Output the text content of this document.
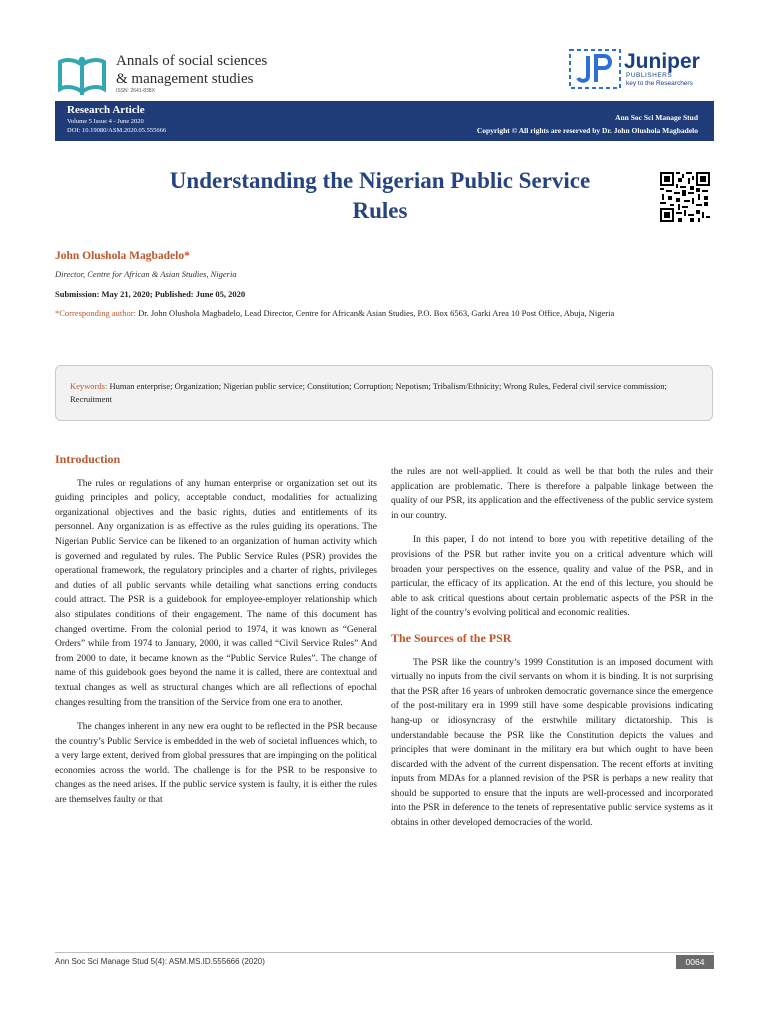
Annals of social sciences
& management studies
ISSN: 2641-838X
Juniper
PUBLISHERS
key to the Researchers
Research Article
Volume 5 Issue 4 - June 2020
DOI: 10.19080/ASM.2020.05.555666
Ann Soc Sci Manage Stud
Copyright © All rights are reserved by Dr. John Olushola Magbadelo
Understanding the Nigerian Public Service Rules
John Olushola Magbadelo*
Director, Centre for African & Asian Studies, Nigeria
Submission: May 21, 2020; Published: June 05, 2020
*Corresponding author: Dr. John Olushola Magbadelo, Lead Director, Centre for African& Asian Studies, P.O. Box 6563, Garki Area 10 Post Office, Abuja, Nigeria
Keywords: Human enterprise; Organization; Nigerian public service; Constitution; Corruption; Nepotism; Tribalism/Ethnicity; Wrong Rules, Federal civil service commission; Recruitment
Introduction

The rules or regulations of any human enterprise or organization set out its guiding principles and policy, acceptable conduct, modalities for actualizing organizational objectives and the basic rights, duties and entitlements of its personnel. Any organization is as effective as the rules guiding its operations. The Nigerian Public Service can be likened to an organization of human activity which is governed and regulated by rules. The Public Service Rules (PSR) provides the operational framework, the regulatory principles and a charter of rights, privileges and duties of all public servants while detailing what sanctions erring conducts could attract. The PSR is a guidebook for employee-employer relationship which also stipulates conditions of their engagement. The name of this document has changed overtime. From the colonial period to 1974, it was known as “General Orders” while from 1974 to January, 2000, it was called “Civil Service Rules” And from 2000 to date, it became known as the “Public Service Rules”. The change of name of this guidebook goes beyond the name it is called, there are contextual and textual changes as well as structural changes which are all reflections of epochal changes resulting from the transition of the Service from one era to another.

The changes inherent in any new era ought to be reflected in the PSR because the country’s Public Service is embedded in the web of societal influences which, to a very large extent, derived from global pressures that are impinging on the political economies across the world. The challenge is for the PSR to be responsive to changes as the need arises. If the public service system is faulty, it is either the rules are themselves faulty or that

the rules are not well-applied. It could as well be that both the rules and their application are problematic. There is therefore a palpable linkage between the quality of our PSR, its application and the effectiveness of the public service system in our country.

In this paper, I do not intend to bore you with repetitive detailing of the provisions of the PSR but rather invite you on a critical adventure which will broaden your perspectives on the essence, quality and value of the PSR, and in particular, the efficacy of its application. At the end of this lecture, you should be able to ask critical questions about certain problematic aspects of the PSR in the light of the country’s evolving political and economic realities.

The Sources of the PSR

The PSR like the country’s 1999 Constitution is an imposed document with virtually no inputs from the civil servants on whom it is binding. It is not surprising that the PSR after 16 years of unbroken democratic governance since the emergence of the post-military era in 1999 still have some despicable provisions indicating hang-up or idiosyncrasy of the erstwhile military dictatorship. This is understandable because the PSR like the Constitution depicts the values and principles that were dominant in the military era but which ought to have been discarded with the advent of the current dispensation. The recent efforts at inviting inputs from MDAs for a planned revision of the PSR is perhaps a new reality that should be supported to ensure that the inputs are well-processed and incorporated into the PSR in deference to the tenets of representative public service systems as it obtains in other developed democracies of the world.

Ann Soc Sci Manage Stud 5(4): ASM.MS.ID.555666 (2020)	0064
